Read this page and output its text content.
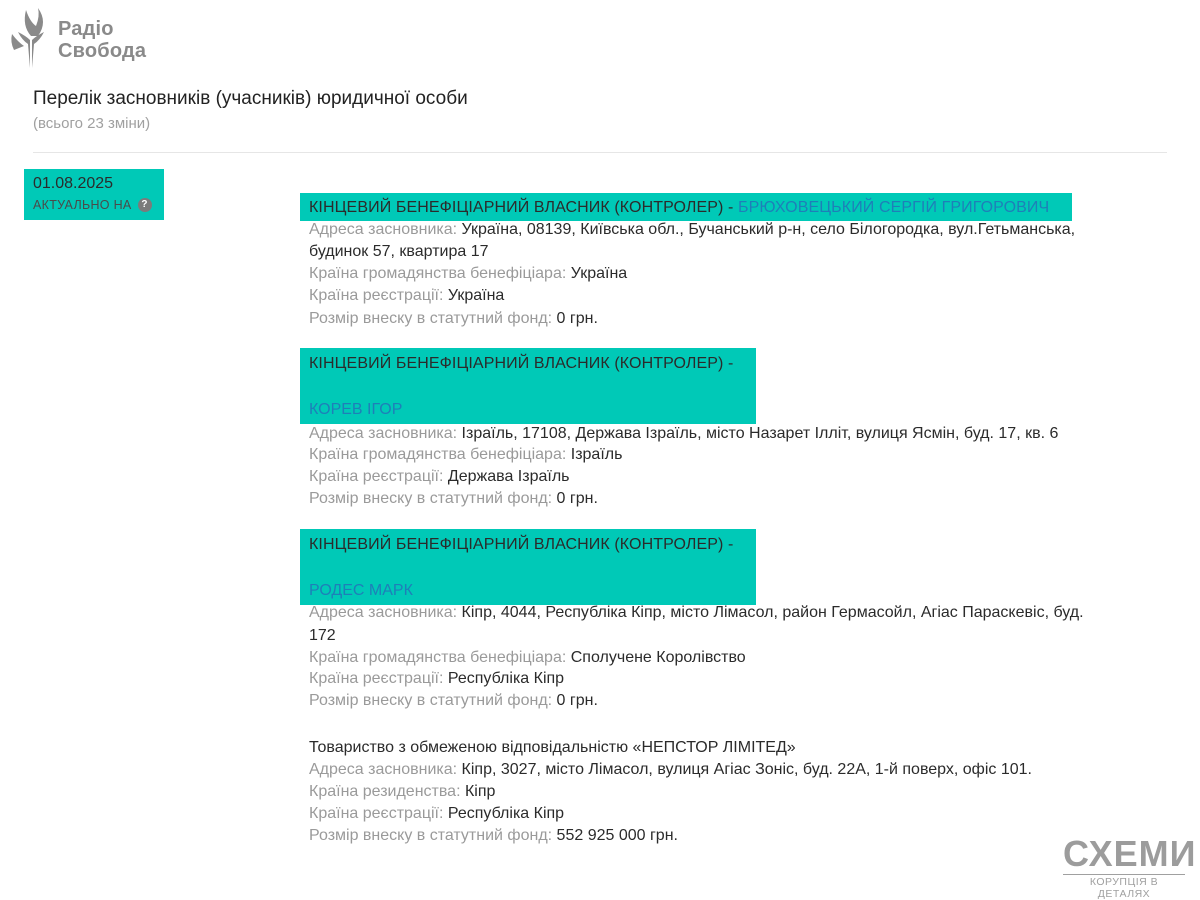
Радіо
Свобода
Перелік засновників (учасників) юридичної особи
(всього 23 зміни)
01.08.2025
АКТУАЛЬНО НА ?	КІНЦЕВИЙ БЕНЕФІЦІАРНИЙ ВЛАСНИК (КОНТРОЛЕР) - БРЮХОВЕЦЬКИЙ СЕРГІЙ ГРИГОРОВИЧ
Адреса засновника: Україна, 08139, Київська обл., Бучанський р-н, село Білогородка, вул.Гетьманська,
будинок 57, квартира 17
Країна громадянства бенефіціара: Україна
Країна реєстрації: Україна
Розмір внеску в статутний фонд: 0 грн.
КІНЦЕВИЙ БЕНЕФІЦІАРНИЙ ВЛАСНИК (КОНТРОЛЕР) -
КОРЕВ ІГОР
Адреса засновника: Ізраїль, 17108, Держава Ізраїль, місто Назарет Ілліт, вулиця Ясмін, буд. 17, кв. 6
Країна громадянства бенефіціара: Ізраїль
Країна реєстрації: Держава Ізраїль
Розмір внеску в статутний фонд: 0 грн.
КІНЦЕВИЙ БЕНЕФІЦІАРНИЙ ВЛАСНИК (КОНТРОЛЕР) -
РОДЕС МАРК
Адреса засновника: Кіпр, 4044, Республіка Кіпр, місто Лімасол, район Гермасойл, Агіас Параскевіс, буд.
172
Країна громадянства бенефіціара: Сполучене Королівство
Країна реєстрації: Республіка Кіпр
Розмір внеску в статутний фонд: 0 грн.
Товариство з обмеженою відповідальністю «НЕПСТОР ЛІМІТЕД»
Адреса засновника: Кіпр, 3027, місто Лімасол, вулиця Агіас Зоніс, буд. 22А, 1-й поверх, офіс 101.
Країна резиденства: Кіпр
Країна реєстрації: Республіка Кіпр
Розмір внеску в статутний фонд: 552 925 000 грн.	СХЕМИ
КОРУПЦІЯ В ДЕТАЛЯХ
